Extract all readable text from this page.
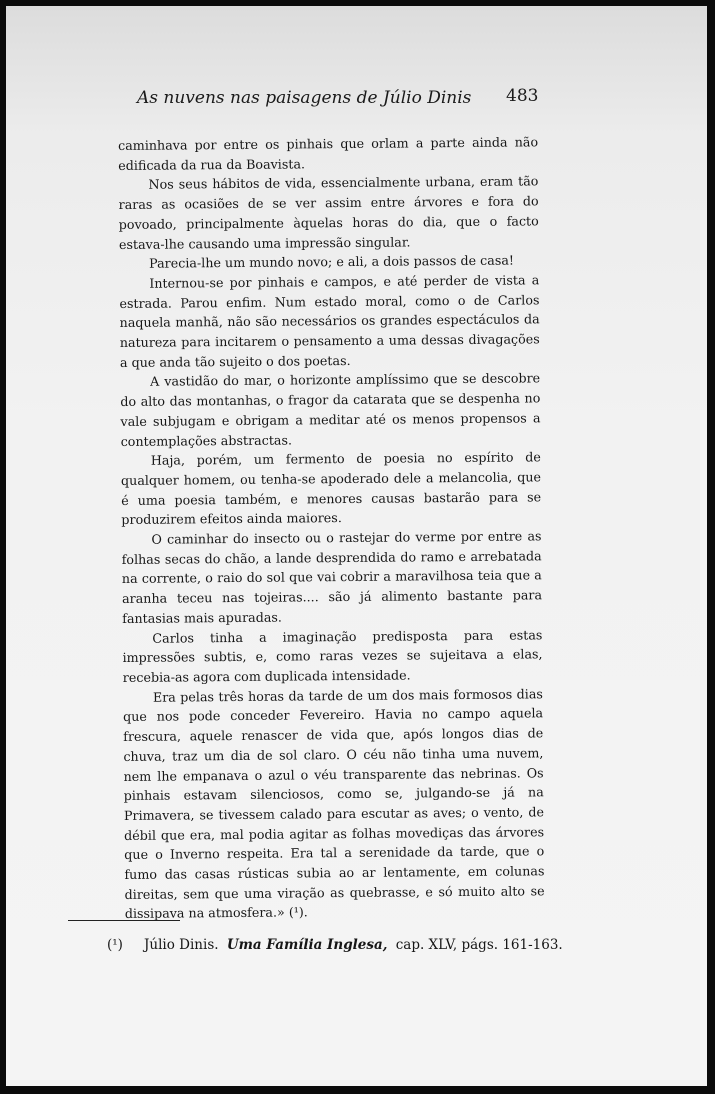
As nuvens nas paisagens de Júlio Dinis 483

caminhava por entre os pinhais que orlam a parte ainda não edificada da rua da Boavista.

Nos seus hábitos de vida, essencialmente urbana, eram tão raras as ocasiões de se ver assim entre árvores e fora do povoado, principalmente àquelas horas do dia, que o facto estava-lhe causando uma impressão singular.

Parecia-lhe um mundo novo; e ali, a dois passos de casa!

Internou-se por pinhais e campos, e até perder de vista a estrada. Parou enfim. Num estado moral, como o de Carlos naquela manhã, não são necessários os grandes espectáculos da natureza para incitarem o pensamento a uma dessas divagações a que anda tão sujeito o dos poetas.

A vastidão do mar, o horizonte amplíssimo que se descobre do alto das montanhas, o fragor da catarata que se despenha no vale subjugam e obrigam a meditar até os menos propensos a contemplações abstractas.

Haja, porém, um fermento de poesia no espírito de qualquer homem, ou tenha-se apoderado dele a melancolia, que é uma poesia também, e menores causas bastarão para se produzirem efeitos ainda maiores.

O caminhar do insecto ou o rastejar do verme por entre as folhas secas do chão, a lande desprendida do ramo e arrebatada na corrente, o raio do sol que vai cobrir a maravilhosa teia que a aranha teceu nas tojeiras.... são já alimento bastante para fantasias mais apuradas.

Carlos tinha a imaginação predisposta para estas impressões subtis, e, como raras vezes se sujeitava a elas, recebia-as agora com duplicada intensidade.

Era pelas três horas da tarde de um dos mais formosos dias que nos pode conceder Fevereiro. Havia no campo aquela frescura, aquele renascer de vida que, após longos dias de chuva, traz um dia de sol claro. O céu não tinha uma nuvem, nem lhe empanava o azul o véu transparente das nebrinas. Os pinhais estavam silenciosos, como se, julgando-se já na Primavera, se tivessem calado para escutar as aves; o vento, de débil que era, mal podia agitar as folhas movediças das árvores que o Inverno respeita. Era tal a serenidade da tarde, que o fumo das casas rústicas subia ao ar lentamente, em colunas direitas, sem que uma viração as quebrasse, e só muito alto se dissipava na atmosfera.» (¹).

(¹) Júlio Dinis. Uma Família Inglesa, cap. XLV, págs. 161-163.
